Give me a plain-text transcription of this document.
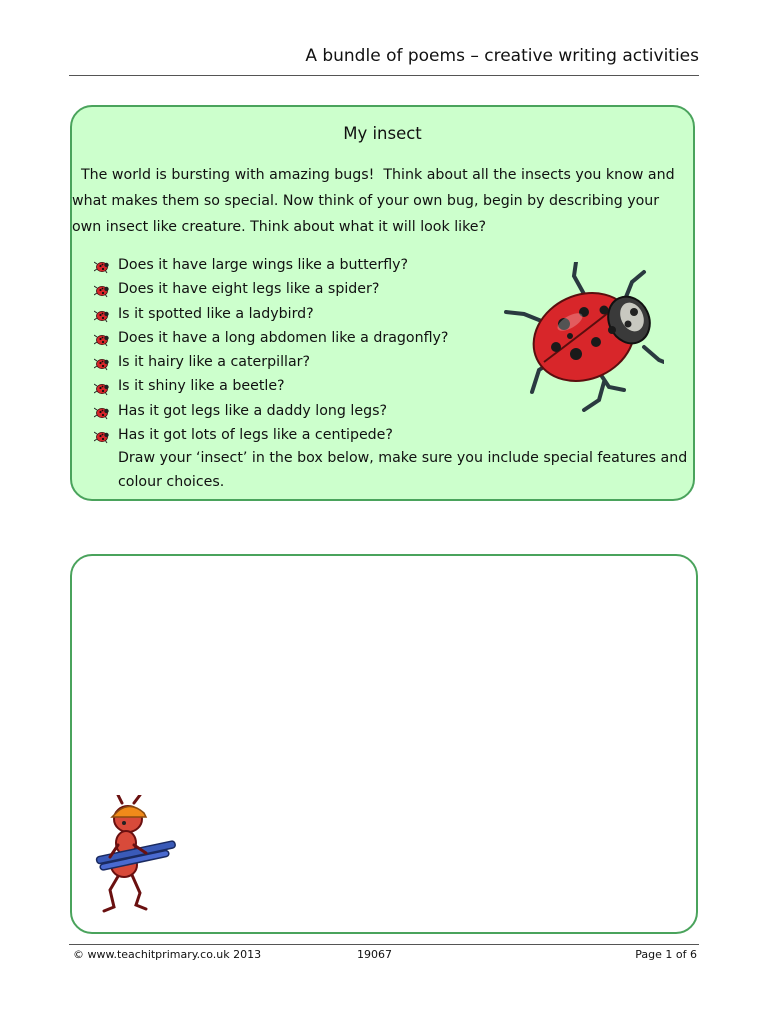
A bundle of poems – creative writing activities
My insect

The world is bursting with amazing bugs!  Think about all the insects you know and

what makes them so special. Now think of your own bug, begin by describing your

own insect like creature. Think about what it will look like?

Does it have large wings like a butterfly?
Does it have eight legs like a spider?
Is it spotted like a ladybird?
Does it have a long abdomen like a dragonfly?
Is it hairy like a caterpillar?
Is it shiny like a beetle?
Has it got legs like a daddy long legs?
Has it got lots of legs like a centipede?

Draw your ‘insect’ in the box below, make sure you include special features and

colour choices.

© www.teachitprimary.co.uk 2013	19067	Page 1 of 6
